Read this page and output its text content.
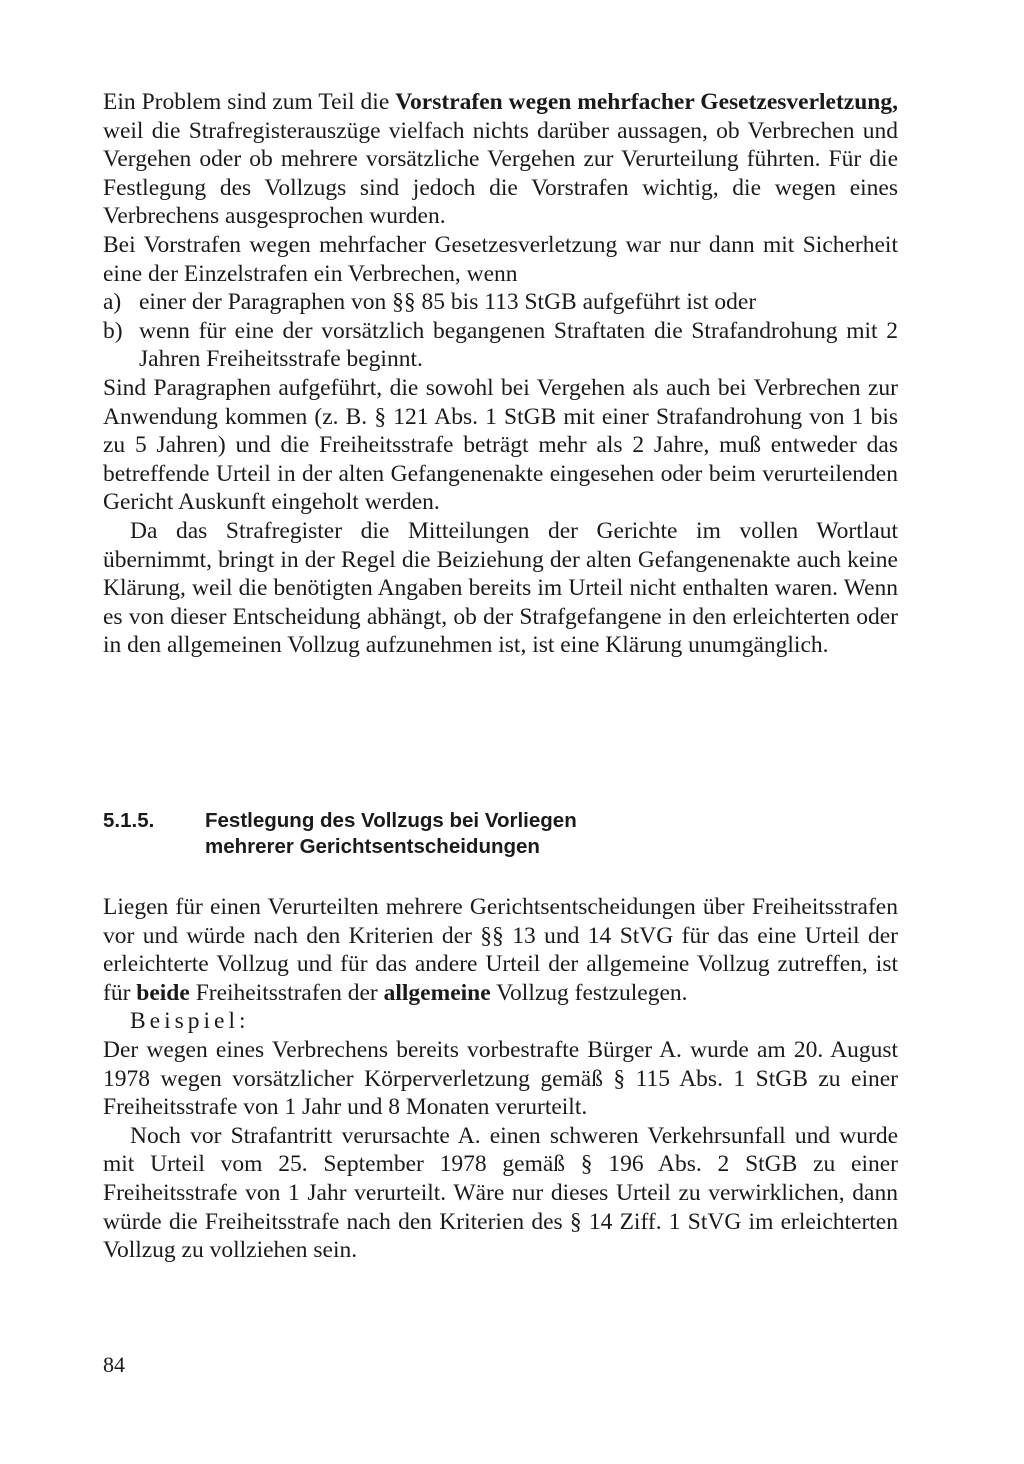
Ein Problem sind zum Teil die Vorstrafen wegen mehrfacher Gesetzesverletzung, weil die Strafregisterauszüge vielfach nichts darüber aussagen, ob Verbrechen und Vergehen oder ob mehrere vorsätzliche Vergehen zur Verurteilung führten. Für die Festlegung des Vollzugs sind jedoch die Vorstrafen wichtig, die wegen eines Verbrechens ausgesprochen wurden.

Bei Vorstrafen wegen mehrfacher Gesetzesverletzung war nur dann mit Sicherheit eine der Einzelstrafen ein Verbrechen, wenn

a) einer der Paragraphen von §§ 85 bis 113 StGB aufgeführt ist oder
b) wenn für eine der vorsätzlich begangenen Straftaten die Strafandrohung mit 2 Jahren Freiheitsstrafe beginnt.

Sind Paragraphen aufgeführt, die sowohl bei Vergehen als auch bei Verbrechen zur Anwendung kommen (z. B. § 121 Abs. 1 StGB mit einer Strafandrohung von 1 bis zu 5 Jahren) und die Freiheitsstrafe beträgt mehr als 2 Jahre, muß entweder das betreffende Urteil in der alten Gefangenenakte eingesehen oder beim verurteilenden Gericht Auskunft eingeholt werden.

Da das Strafregister die Mitteilungen der Gerichte im vollen Wortlaut übernimmt, bringt in der Regel die Beiziehung der alten Gefangenenakte auch keine Klärung, weil die benötigten Angaben bereits im Urteil nicht enthalten waren. Wenn es von dieser Entscheidung abhängt, ob der Strafgefangene in den erleichterten oder in den allgemeinen Vollzug aufzunehmen ist, ist eine Klärung unumgänglich.

5.1.5.	Festlegung des Vollzugs bei Vorliegen
mehrerer Gerichtsentscheidungen

Liegen für einen Verurteilten mehrere Gerichtsentscheidungen über Freiheitsstrafen vor und würde nach den Kriterien der §§ 13 und 14 StVG für das eine Urteil der erleichterte Vollzug und für das andere Urteil der allgemeine Vollzug zutreffen, ist für beide Freiheitsstrafen der allgemeine Vollzug festzulegen.

Beispiel:

Der wegen eines Verbrechens bereits vorbestrafte Bürger A. wurde am 20. August 1978 wegen vorsätzlicher Körperverletzung gemäß § 115 Abs. 1 StGB zu einer Freiheitsstrafe von 1 Jahr und 8 Monaten verurteilt.

Noch vor Strafantritt verursachte A. einen schweren Verkehrsunfall und wurde mit Urteil vom 25. September 1978 gemäß § 196 Abs. 2 StGB zu einer Freiheitsstrafe von 1 Jahr verurteilt. Wäre nur dieses Urteil zu verwirklichen, dann würde die Freiheitsstrafe nach den Kriterien des § 14 Ziff. 1 StVG im erleichterten Vollzug zu vollziehen sein.

84
